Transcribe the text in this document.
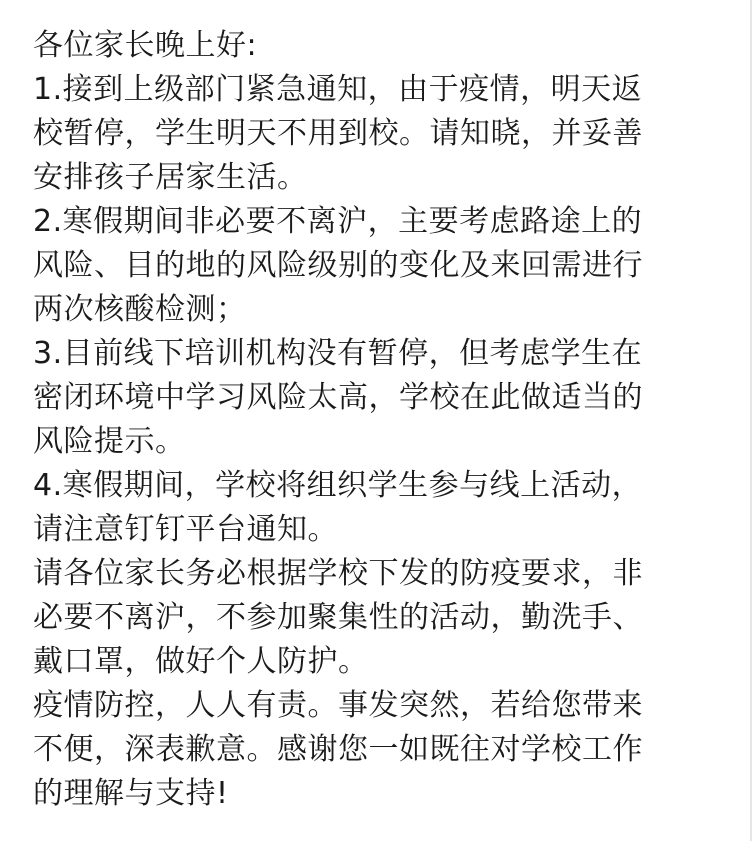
各位家长晚上好:
1.接到上级部门紧急通知，由于疫情，明天返
校暂停，学生明天不用到校。请知晓，并妥善
安排孩子居家生活。
2.寒假期间非必要不离沪，主要考虑路途上的
风险、目的地的风险级别的变化及来回需进行
两次核酸检测；
3.目前线下培训机构没有暂停，但考虑学生在
密闭环境中学习风险太高，学校在此做适当的
风险提示。
4.寒假期间，学校将组织学生参与线上活动，
请注意钉钉平台通知。
请各位家长务必根据学校下发的防疫要求，非
必要不离沪，不参加聚集性的活动，勤洗手、
戴口罩，做好个人防护。
疫情防控，人人有责。事发突然，若给您带来
不便，深表歉意。感谢您一如既往对学校工作
的理解与支持!
